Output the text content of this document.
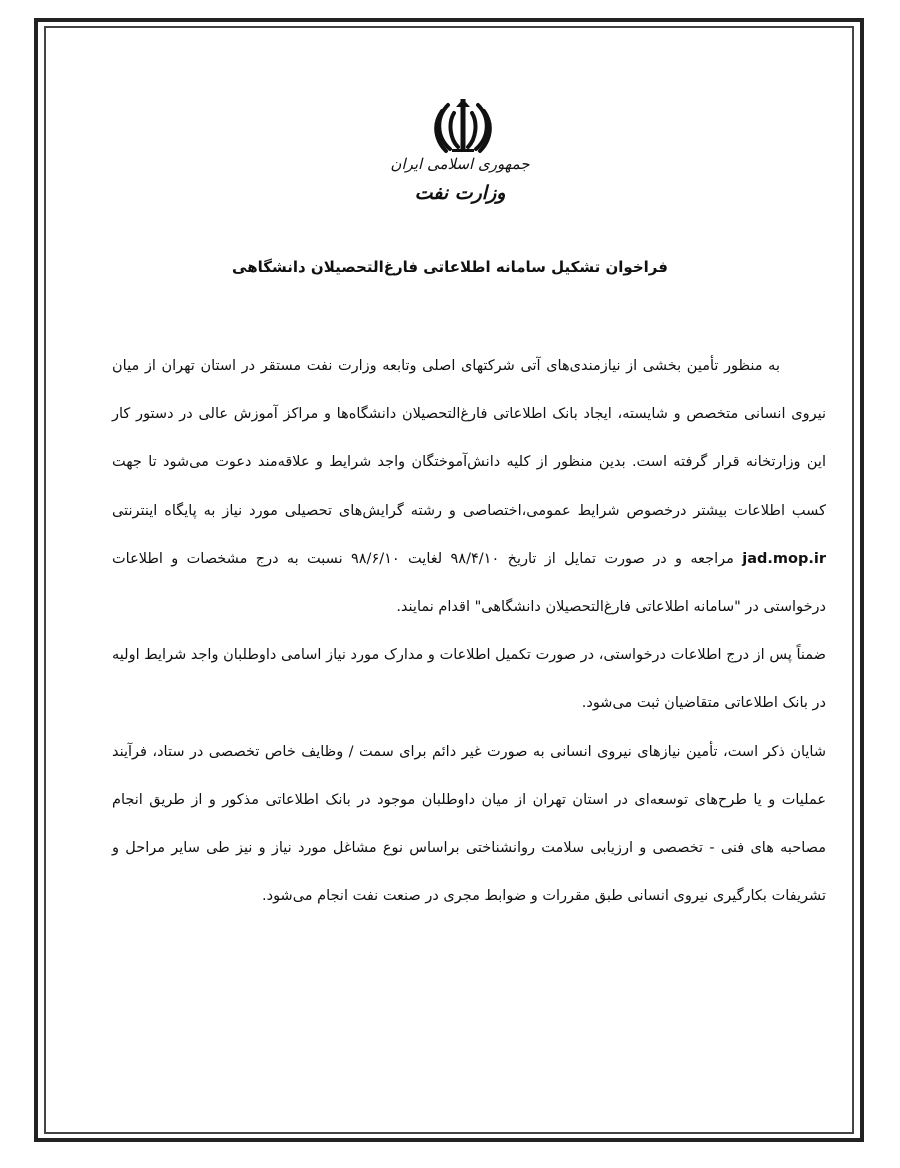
جمهوری اسلامی ایران
وزارت نفت
فراخوان تشکیل سامانه اطلاعاتی فارغ‌التحصیلان دانشگاهی

به منظور تأمین بخشی از نیازمندی‌های آتی شرکتهای اصلی وتابعه وزارت نفت مستقر در استان تهران از میان نیروی انسانی متخصص و شایسته، ایجاد بانک اطلاعاتی فارغ‌التحصیلان دانشگاه‌ها و مراکز آموزش عالی در دستور کار این وزارتخانه قرار گرفته است. بدین منظور از کلیه دانش‌آموختگان واجد شرایط و علاقه‌مند دعوت می‌شود تا جهت کسب اطلاعات بیشتر درخصوص شرایط عمومی،اختصاصی و رشته گرایش‌های تحصیلی مورد نیاز به پایگاه اینترنتی jad.mop.ir مراجعه و در صورت تمایل از تاریخ ۹۸/۴/۱۰ لغایت ۹۸/۶/۱۰ نسبت به درج مشخصات و اطلاعات درخواستی در "سامانه اطلاعاتی فارغ‌التحصیلان دانشگاهی" اقدام نمایند.

ضمناً پس از درج اطلاعات درخواستی، در صورت تکمیل اطلاعات و مدارک مورد نیاز اسامی داوطلبان واجد شرایط اولیه در بانک اطلاعاتی متقاضیان ثبت می‌شود.

شایان ذکر است، تأمین نیازهای نیروی انسانی به صورت غیر دائم برای سمت / وظایف خاص تخصصی در ستاد، فرآیند عملیات و یا طرح‌های توسعه‌ای در استان تهران از میان داوطلبان موجود در بانک اطلاعاتی مذکور و از طریق انجام مصاحبه های فنی - تخصصی و ارزیابی سلامت روانشناختی براساس نوع مشاغل مورد نیاز و نیز طی سایر مراحل و تشریفات بکارگیری نیروی انسانی طبق مقررات و ضوابط مجری در صنعت نفت انجام می‌شود.
